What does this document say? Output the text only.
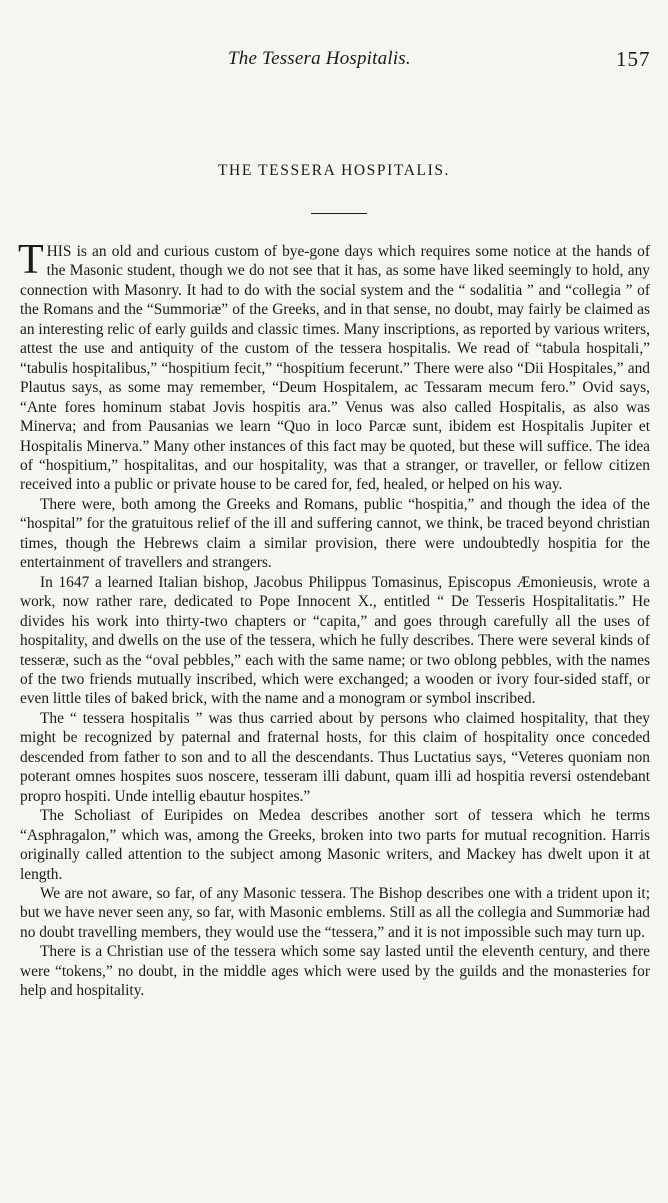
The Tessera Hospitalis.	157
THE TESSERA HOSPITALIS.

THIS is an old and curious custom of bye-gone days which requires some notice at the hands of the Masonic student, though we do not see that it has, as some have liked seemingly to hold, any connection with Masonry. It had to do with the social system and the “ sodalitia ” and “collegia ” of the Romans and the “Summoriæ” of the Greeks, and in that sense, no doubt, may fairly be claimed as an interesting relic of early guilds and classic times. Many inscriptions, as reported by various writers, attest the use and antiquity of the custom of the tessera hospitalis. We read of “tabula hospitali,” “tabulis hospitalibus,” “hospitium fecit,” “hospitium fecerunt.” There were also “Dii Hospitales,” and Plautus says, as some may remember, “Deum Hospitalem, ac Tessaram mecum fero.” Ovid says, “Ante fores hominum stabat Jovis hospitis ara.” Venus was also called Hospitalis, as also was Minerva; and from Pausanias we learn “Quo in loco Parcæ sunt, ibidem est Hospitalis Jupiter et Hospitalis Minerva.” Many other instances of this fact may be quoted, but these will suffice. The idea of “hospitium,” hospitalitas, and our hospitality, was that a stranger, or traveller, or fellow citizen received into a public or private house to be cared for, fed, healed, or helped on his way.

There were, both among the Greeks and Romans, public “hospitia,” and though the idea of the “hospital” for the gratuitous relief of the ill and suffering cannot, we think, be traced beyond christian times, though the Hebrews claim a similar provision, there were undoubtedly hospitia for the entertainment of travellers and strangers.

In 1647 a learned Italian bishop, Jacobus Philippus Tomasinus, Episcopus Æmonieusis, wrote a work, now rather rare, dedicated to Pope Innocent X., entitled “ De Tesseris Hospitalitatis.” He divides his work into thirty-two chapters or “capita,” and goes through carefully all the uses of hospitality, and dwells on the use of the tessera, which he fully describes. There were several kinds of tesseræ, such as the “oval pebbles,” each with the same name; or two oblong pebbles, with the names of the two friends mutually inscribed, which were exchanged; a wooden or ivory four-sided staff, or even little tiles of baked brick, with the name and a monogram or symbol inscribed.

The “ tessera hospitalis ” was thus carried about by persons who claimed hospitality, that they might be recognized by paternal and fraternal hosts, for this claim of hospitality once conceded descended from father to son and to all the descendants. Thus Luctatius says, “Veteres quoniam non poterant omnes hospites suos noscere, tesseram illi dabunt, quam illi ad hospitia reversi ostendebant propro hospiti. Unde intellig ebautur hospites.”

The Scholiast of Euripides on Medea describes another sort of tessera which he terms “Asphragalon,” which was, among the Greeks, broken into two parts for mutual recognition. Harris originally called attention to the subject among Masonic writers, and Mackey has dwelt upon it at length.

We are not aware, so far, of any Masonic tessera. The Bishop describes one with a trident upon it; but we have never seen any, so far, with Masonic emblems. Still as all the collegia and Summoriæ had no doubt travelling members, they would use the “tessera,” and it is not impossible such may turn up.

There is a Christian use of the tessera which some say lasted until the eleventh century, and there were “tokens,” no doubt, in the middle ages which were used by the guilds and the monasteries for help and hospitality.
